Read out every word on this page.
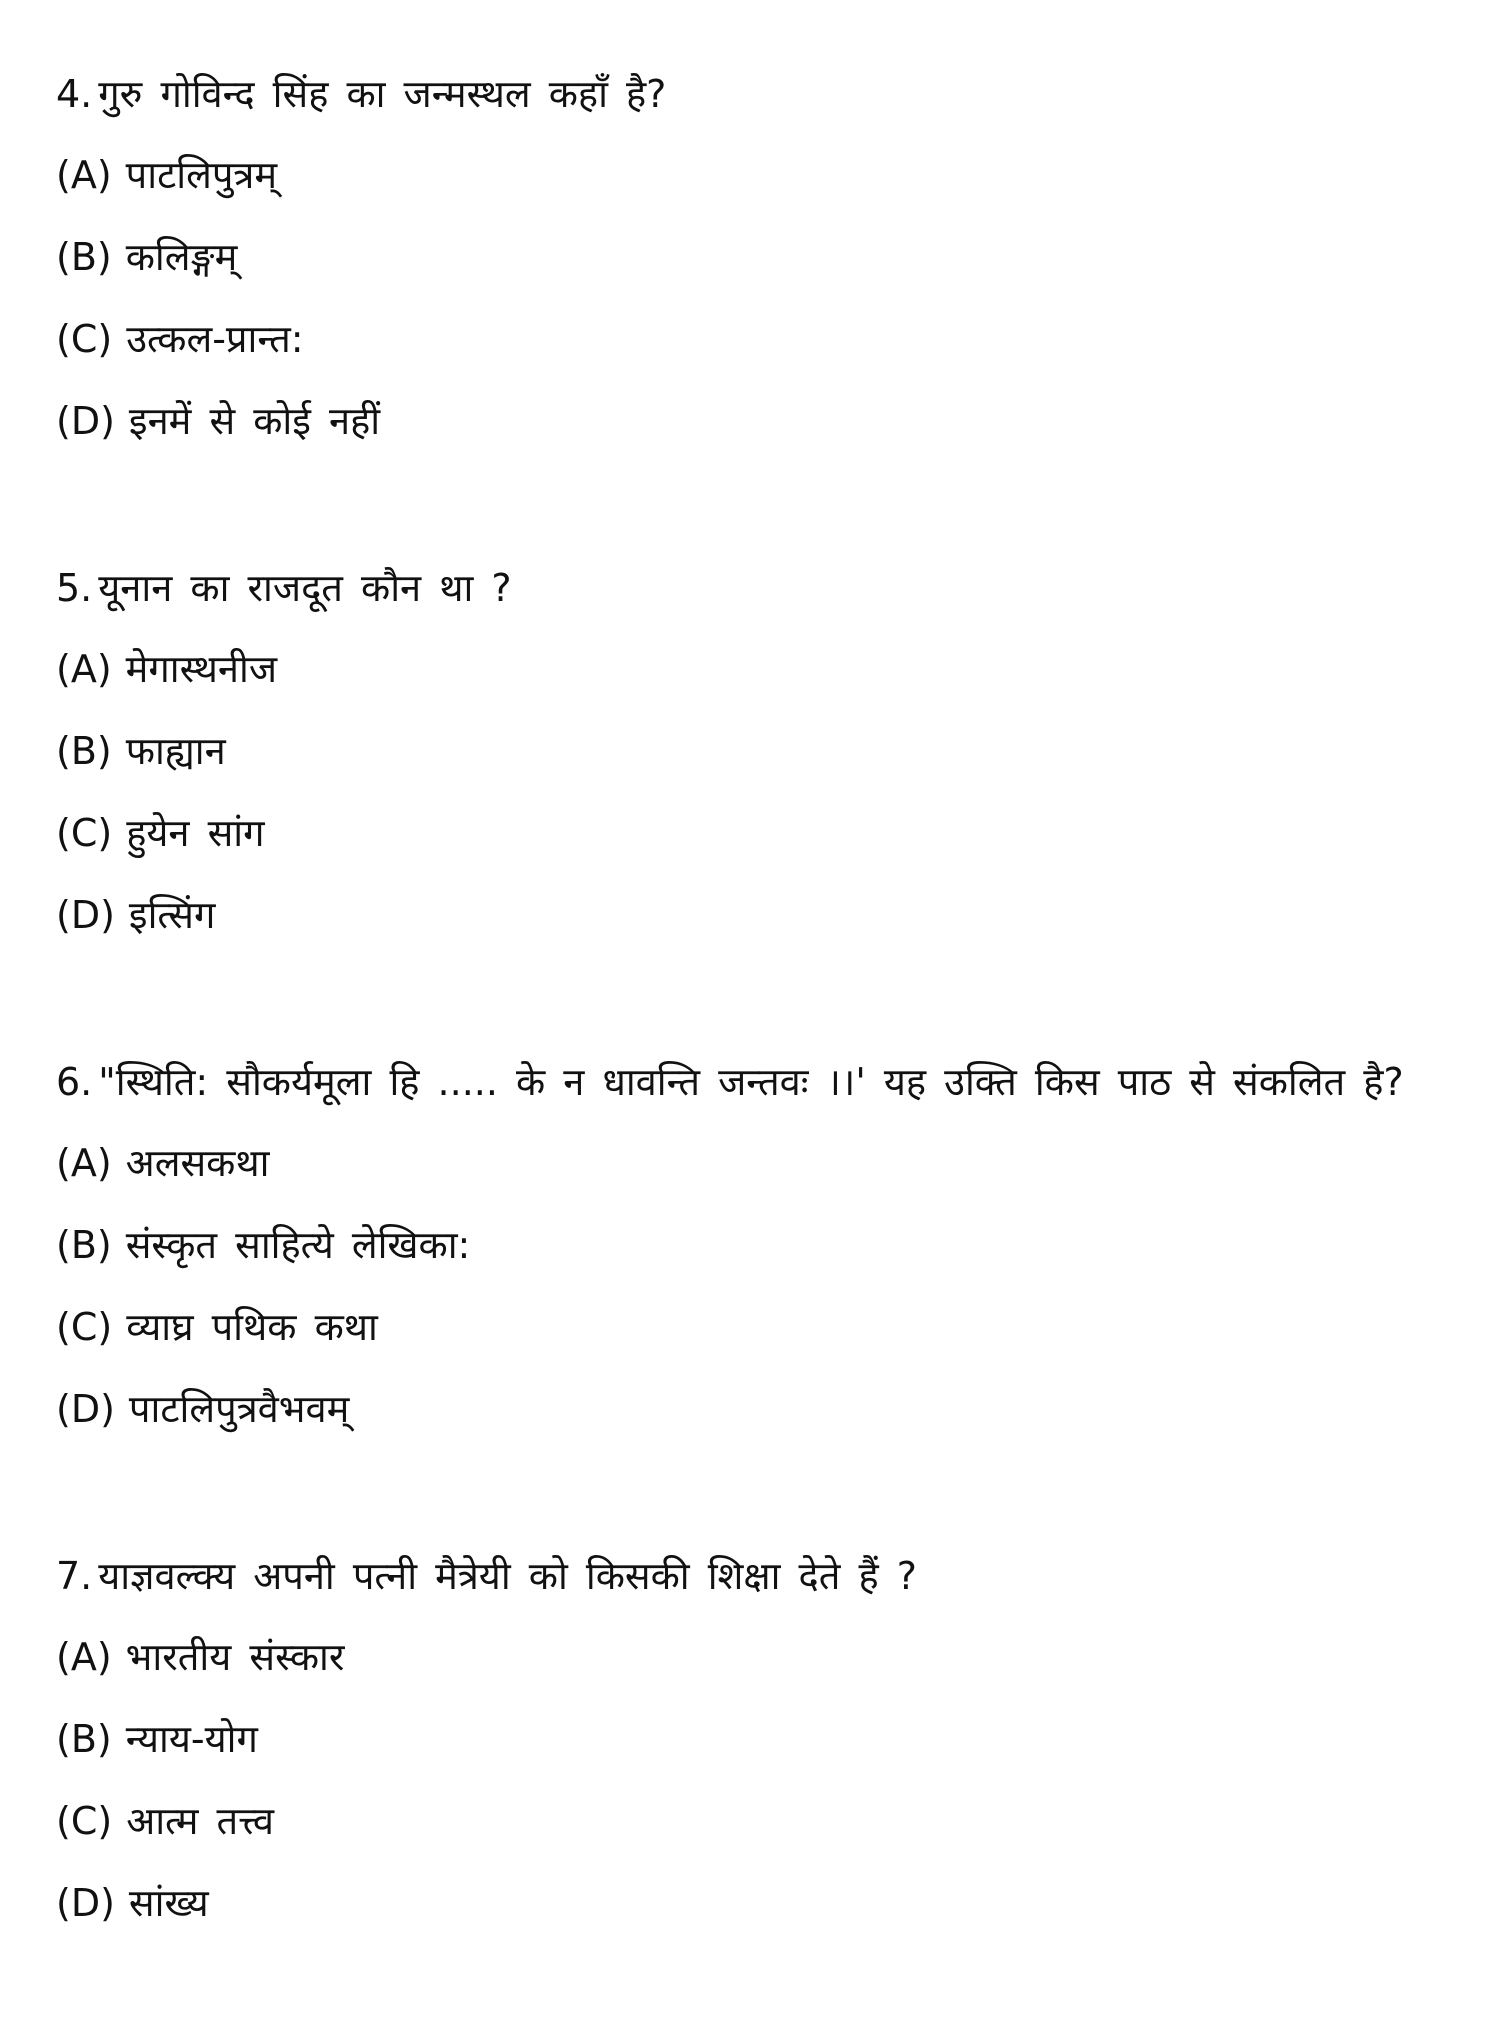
4. गुरु गोविन्द सिंह का जन्मस्थल कहाँ है?
(A) पाटलिपुत्रम्
(B) कलिङ्गम्
(C) उत्कल-प्रान्त:
(D) इनमें से कोई नहीं
5. यूनान का राजदूत कौन था ?
(A) मेगास्थनीज
(B) फाह्यान
(C) हुयेन सांग
(D) इत्सिंग
6. "स्थिति: सौकर्यमूला हि ..... के न धावन्ति जन्तवः ।।' यह उक्ति किस पाठ से संकलित है?
(A) अलसकथा
(B) संस्कृत साहित्ये लेखिका:
(C) व्याघ्र पथिक कथा
(D) पाटलिपुत्रवैभवम्
7. याज्ञवल्क्य अपनी पत्नी मैत्रेयी को किसकी शिक्षा देते हैं ?
(A) भारतीय संस्कार
(B) न्याय-योग
(C) आत्म तत्त्व
(D) सांख्य
